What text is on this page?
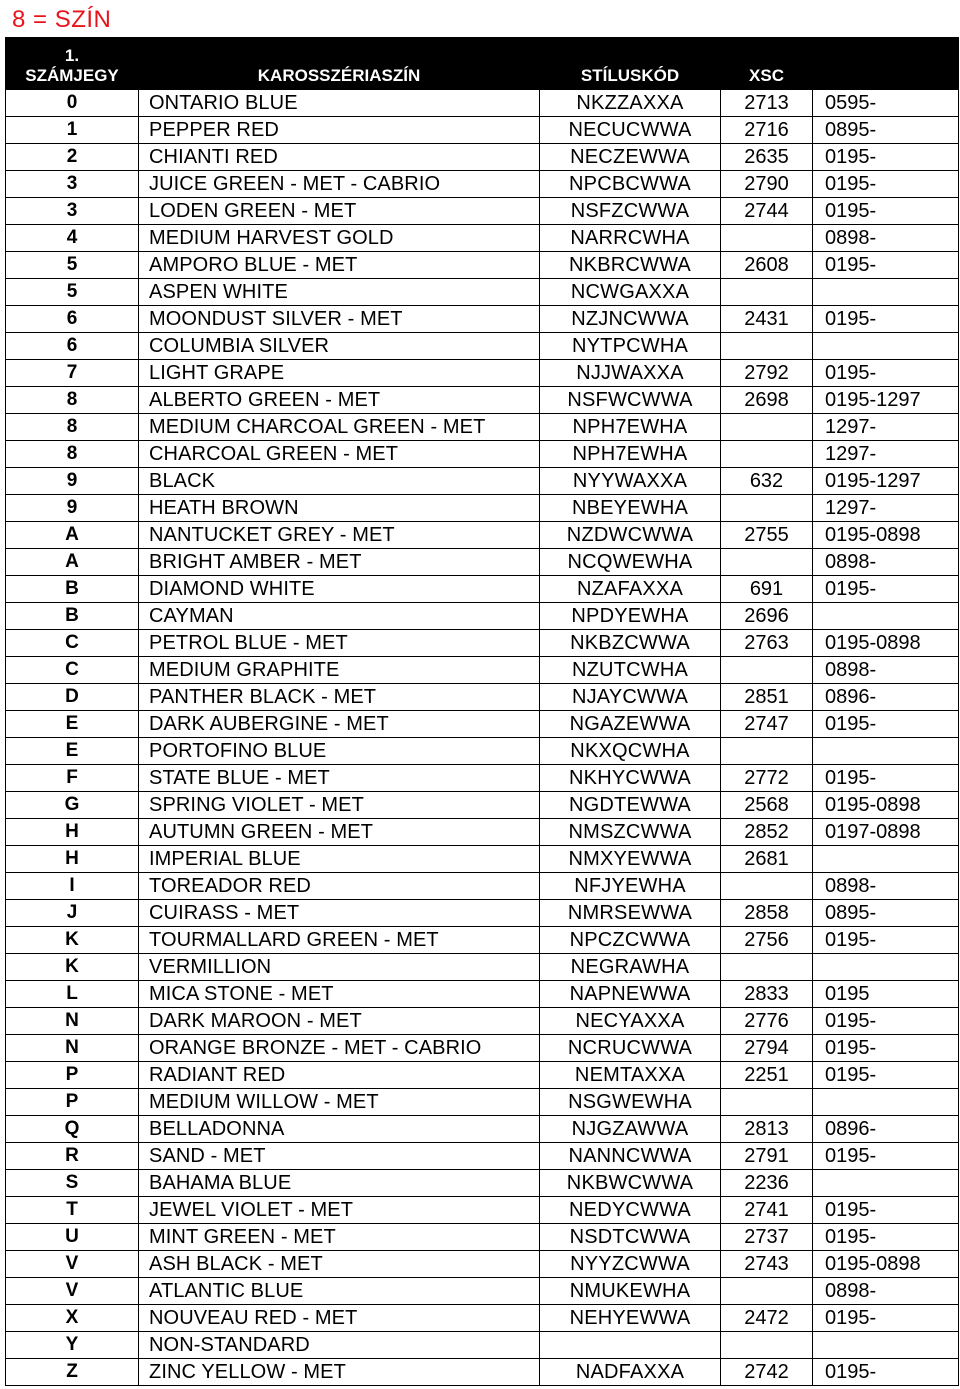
8 = SZÍN
1.
SZÁMJEGY	KAROSSZÉRIASZÍN	STÍLUSKÓD	XSC	
0	ONTARIO BLUE	NKZZAXXA	2713	0595-
1	PEPPER RED	NECUCWWA	2716	0895-
2	CHIANTI RED	NECZEWWA	2635	0195-
3	JUICE GREEN - MET - CABRIO	NPCBCWWA	2790	0195-
3	LODEN GREEN - MET	NSFZCWWA	2744	0195-
4	MEDIUM HARVEST GOLD	NARRCWHA		0898-
5	AMPORO BLUE - MET	NKBRCWWA	2608	0195-
5	ASPEN WHITE	NCWGAXXA		
6	MOONDUST SILVER - MET	NZJNCWWA	2431	0195-
6	COLUMBIA SILVER	NYTPCWHA		
7	LIGHT GRAPE	NJJWAXXA	2792	0195-
8	ALBERTO GREEN - MET	NSFWCWWA	2698	0195-1297
8	MEDIUM CHARCOAL GREEN - MET	NPH7EWHA		1297-
8	CHARCOAL GREEN - MET	NPH7EWHA		1297-
9	BLACK	NYYWAXXA	632	0195-1297
9	HEATH BROWN	NBEYEWHA		1297-
A	NANTUCKET GREY - MET	NZDWCWWA	2755	0195-0898
A	BRIGHT AMBER - MET	NCQWEWHA		0898-
B	DIAMOND WHITE	NZAFAXXA	691	0195-
B	CAYMAN	NPDYEWHA	2696	
C	PETROL BLUE - MET	NKBZCWWA	2763	0195-0898
C	MEDIUM GRAPHITE	NZUTCWHA		0898-
D	PANTHER BLACK - MET	NJAYCWWA	2851	0896-
E	DARK AUBERGINE - MET	NGAZEWWA	2747	0195-
E	PORTOFINO BLUE	NKXQCWHA		
F	STATE BLUE - MET	NKHYCWWA	2772	0195-
G	SPRING VIOLET - MET	NGDTEWWA	2568	0195-0898
H	AUTUMN GREEN - MET	NMSZCWWA	2852	0197-0898
H	IMPERIAL BLUE	NMXYEWWA	2681	
I	TOREADOR RED	NFJYEWHA		0898-
J	CUIRASS - MET	NMRSEWWA	2858	0895-
K	TOURMALLARD GREEN - MET	NPCZCWWA	2756	0195-
K	VERMILLION	NEGRAWHA		
L	MICA STONE - MET	NAPNEWWA	2833	0195
N	DARK MAROON - MET	NECYAXXA	2776	0195-
N	ORANGE BRONZE - MET - CABRIO	NCRUCWWA	2794	0195-
P	RADIANT RED	NEMTAXXA	2251	0195-
P	MEDIUM WILLOW - MET	NSGWEWHA		
Q	BELLADONNA	NJGZAWWA	2813	0896-
R	SAND - MET	NANNCWWA	2791	0195-
S	BAHAMA BLUE	NKBWCWWA	2236	
T	JEWEL VIOLET - MET	NEDYCWWA	2741	0195-
U	MINT GREEN - MET	NSDTCWWA	2737	0195-
V	ASH BLACK - MET	NYYZCWWA	2743	0195-0898
V	ATLANTIC BLUE	NMUKEWHA		0898-
X	NOUVEAU RED - MET	NEHYEWWA	2472	0195-
Y	NON-STANDARD			
Z	ZINC YELLOW - MET	NADFAXXA	2742	0195-
